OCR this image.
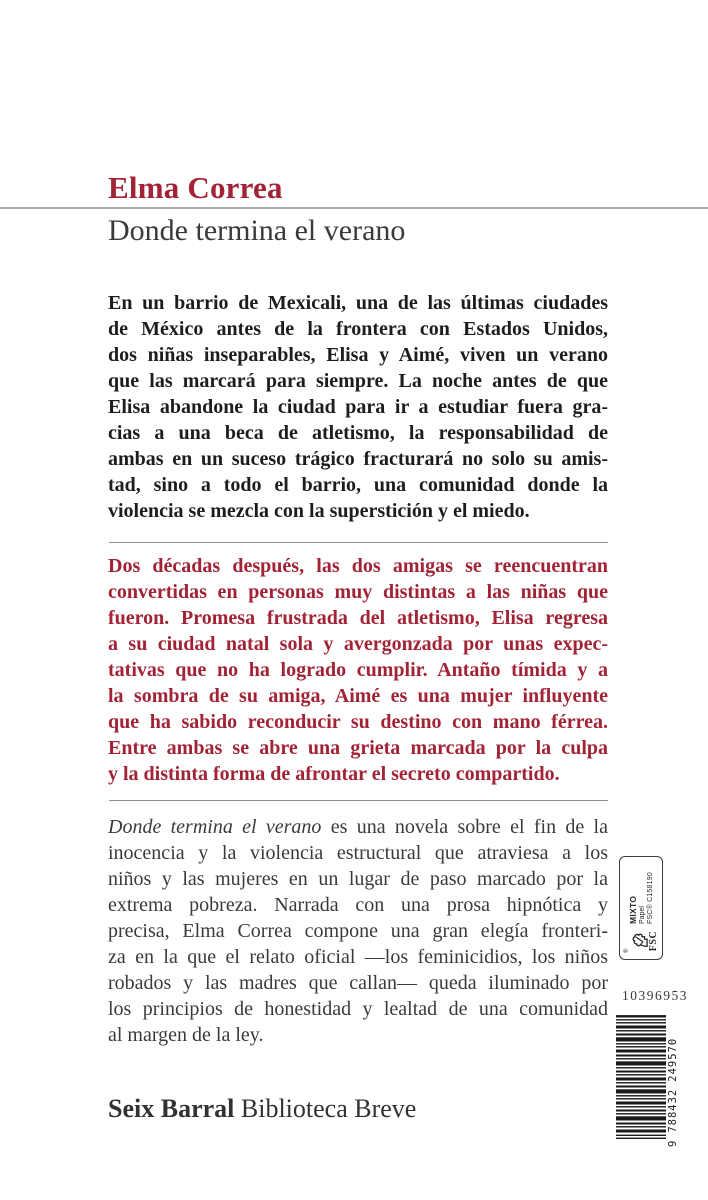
Elma Correa
Donde termina el verano
En un barrio de Mexicali, una de las últimas ciudades
de México antes de la frontera con Estados Unidos,
dos niñas inseparables, Elisa y Aimé, viven un verano
que las marcará para siempre. La noche antes de que
Elisa abandone la ciudad para ir a estudiar fuera gra-
cias a una beca de atletismo, la responsabilidad de
ambas en un suceso trágico fracturará no solo su amis-
tad, sino a todo el barrio, una comunidad donde la
violencia se mezcla con la superstición y el miedo.
Dos décadas después, las dos amigas se reencuentran
convertidas en personas muy distintas a las niñas que
fueron. Promesa frustrada del atletismo, Elisa regresa
a su ciudad natal sola y avergonzada por unas expec-
tativas que no ha logrado cumplir. Antaño tímida y a
la sombra de su amiga, Aimé es una mujer influyente
que ha sabido reconducir su destino con mano férrea.
Entre ambas se abre una grieta marcada por la culpa
y la distinta forma de afrontar el secreto compartido.
Donde termina el verano es una novela sobre el fin de la
inocencia y la violencia estructural que atraviesa a los
niños y las mujeres en un lugar de paso marcado por la
extrema pobreza. Narrada con una prosa hipnótica y
precisa, Elma Correa compone una gran elegía fronteri-
za en la que el relato oficial —los feminicidios, los niños
robados y las madres que callan— queda iluminado por
los principios de honestidad y lealtad de una comunidad
al margen de la ley.
Seix Barral Biblioteca Breve
® FSC
MIXTO Papel FSC® C158190
10396953
9
788432
249570
